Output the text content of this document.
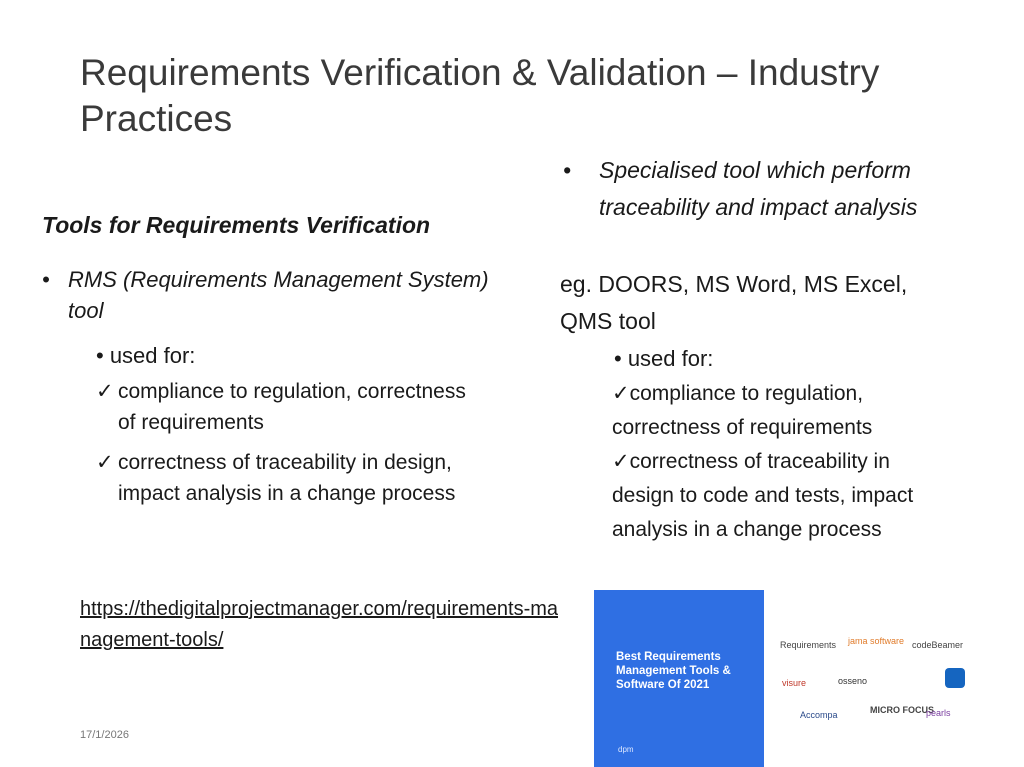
Requirements Verification & Validation – Industry Practices
Tools for Requirements Verification
• RMS (Requirements Management System) tool
• used for:
✓ compliance to regulation, correctness of requirements
✓ correctness of traceability in design, impact analysis in a change process
•	Specialised tool which perform traceability and impact analysis
eg. DOORS, MS Word, MS Excel, QMS tool
• used for:
✓compliance to regulation, correctness of requirements
✓correctness of traceability in design to code and tests, impact analysis in a change process
https://thedigitalprojectmanager.com/requirements-management-tools/
17/1/2026
Best Requirements Management Tools & Software Of 2021
dpm
Requirements jama software codeBeamer
visure	osseno
Accompa	MICRO FOCUS
pearls
